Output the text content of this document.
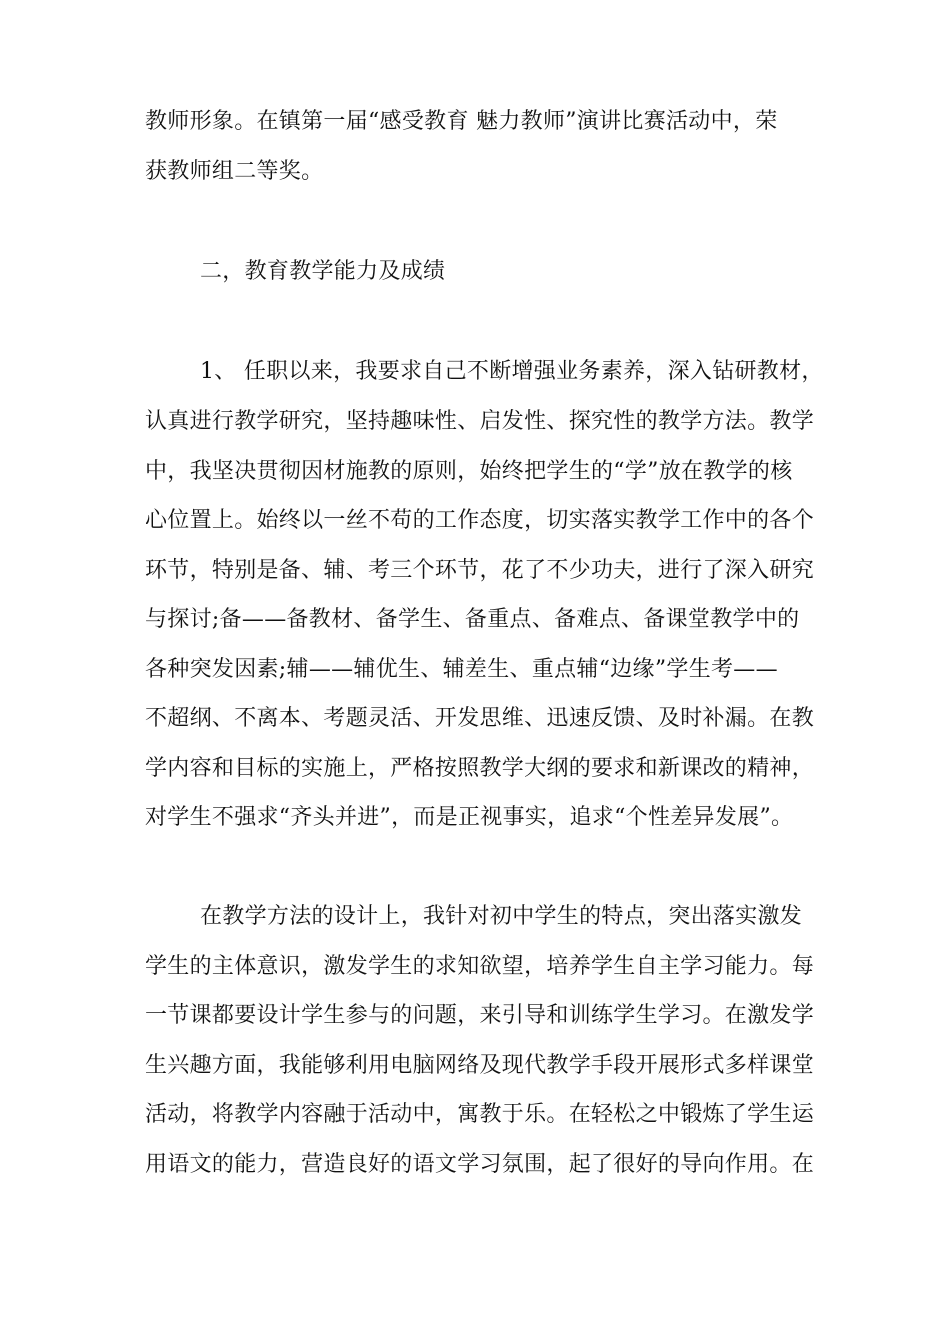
教师形象。在镇第一届“感受教育 魅力教师”演讲比赛活动中，荣
获教师组二等奖。
二，教育教学能力及成绩
1、 任职以来，我要求自己不断增强业务素养，深入钻研教材，
认真进行教学研究，坚持趣味性、启发性、探究性的教学方法。教学
中，我坚决贯彻因材施教的原则，始终把学生的“学”放在教学的核
心位置上。始终以一丝不苟的工作态度，切实落实教学工作中的各个
环节，特别是备、辅、考三个环节，花了不少功夫，进行了深入研究
与探讨;备——备教材、备学生、备重点、备难点、备课堂教学中的
各种突发因素;辅——辅优生、辅差生、重点辅“边缘”学生考——
不超纲、不离本、考题灵活、开发思维、迅速反馈、及时补漏。在教
学内容和目标的实施上，严格按照教学大纲的要求和新课改的精神，
对学生不强求“齐头并进”，而是正视事实，追求“个性差异发展”。
在教学方法的设计上，我针对初中学生的特点，突出落实激发
学生的主体意识，激发学生的求知欲望，培养学生自主学习能力。每
一节课都要设计学生参与的问题，来引导和训练学生学习。在激发学
生兴趣方面，我能够利用电脑网络及现代教学手段开展形式多样课堂
活动，将教学内容融于活动中，寓教于乐。在轻松之中锻炼了学生运
用语文的能力，营造良好的语文学习氛围，起了很好的导向作用。在
